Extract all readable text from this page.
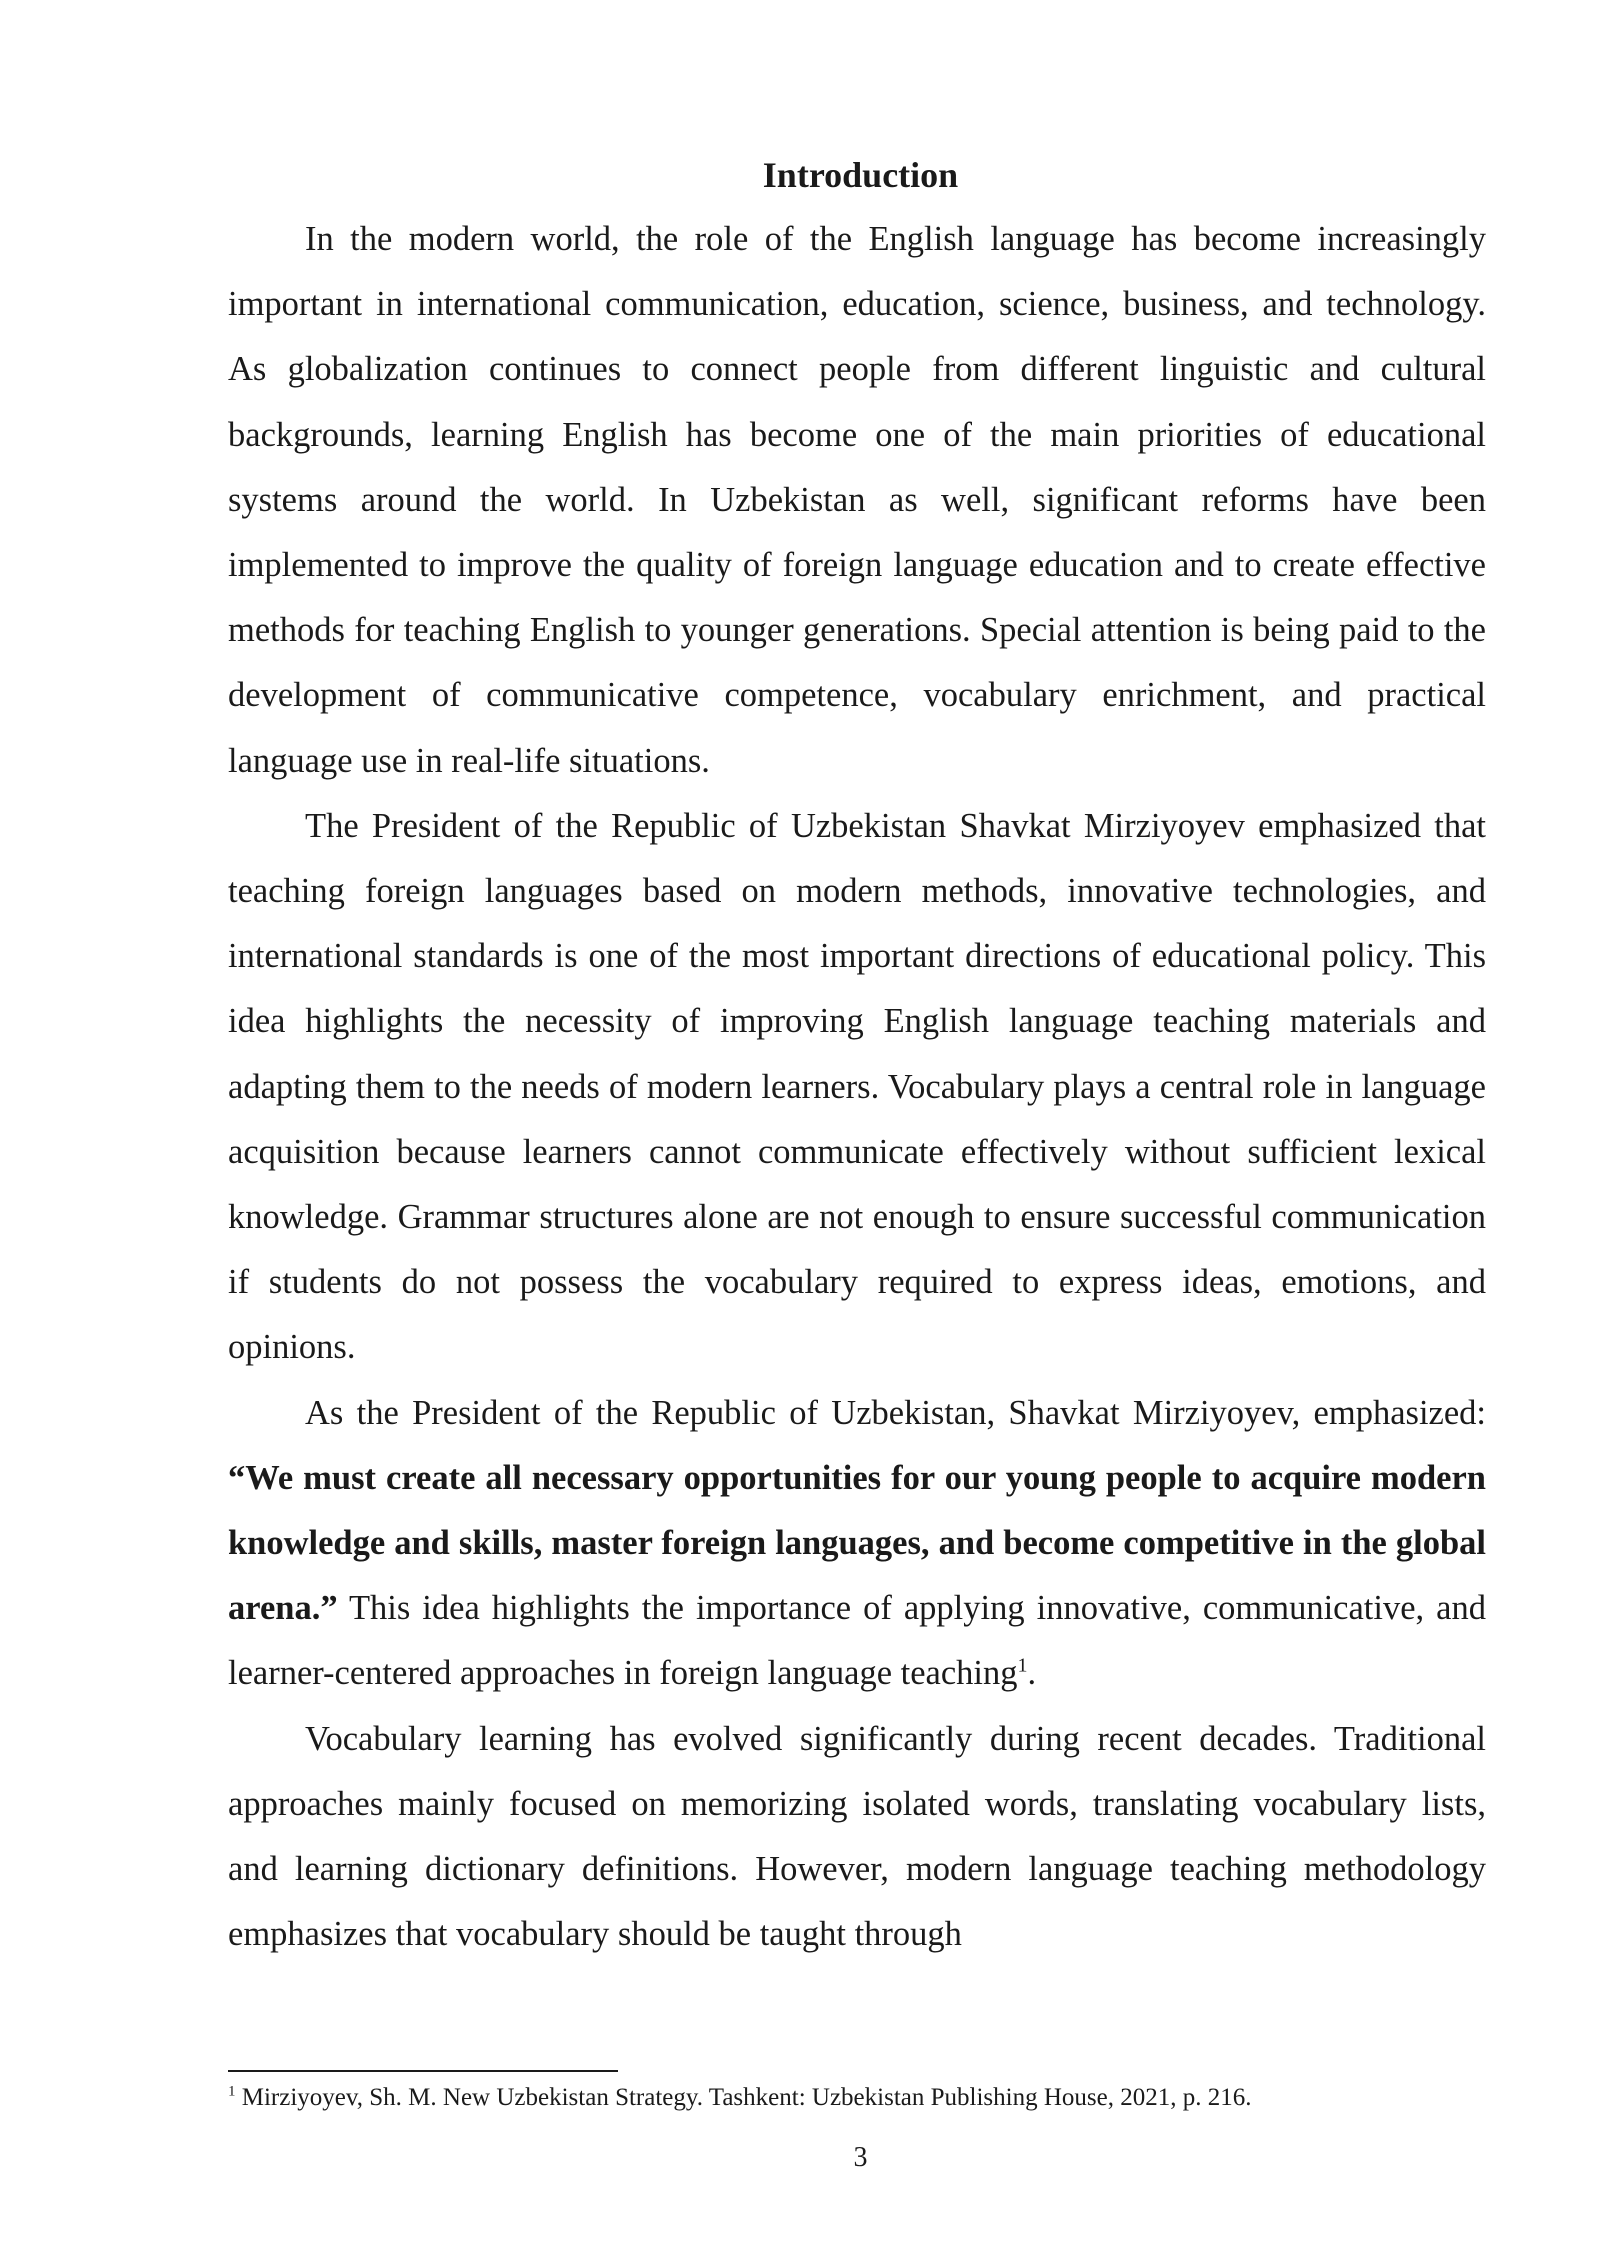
Introduction

In the modern world, the role of the English language has become increasingly important in international communication, education, science, business, and technology. As globalization continues to connect people from different linguistic and cultural backgrounds, learning English has become one of the main priorities of educational systems around the world. In Uzbekistan as well, significant reforms have been implemented to improve the quality of foreign language education and to create effective methods for teaching English to younger generations. Special attention is being paid to the development of communicative competence, vocabulary enrichment, and practical language use in real-life situations.

The President of the Republic of Uzbekistan Shavkat Mirziyoyev emphasized that teaching foreign languages based on modern methods, innovative technologies, and international standards is one of the most important directions of educational policy. This idea highlights the necessity of improving English language teaching materials and adapting them to the needs of modern learners. Vocabulary plays a central role in language acquisition because learners cannot communicate effectively without sufficient lexical knowledge. Grammar structures alone are not enough to ensure successful communication if students do not possess the vocabulary required to express ideas, emotions, and opinions.

As the President of the Republic of Uzbekistan, Shavkat Mirziyoyev, emphasized: “We must create all necessary opportunities for our young people to acquire modern knowledge and skills, master foreign languages, and become competitive in the global arena.” This idea highlights the importance of applying innovative, communicative, and learner-centered approaches in foreign language teaching$^1$.

Vocabulary learning has evolved significantly during recent decades. Traditional approaches mainly focused on memorizing isolated words, translating vocabulary lists, and learning dictionary definitions. However, modern language teaching methodology emphasizes that vocabulary should be taught through

$^1$ Mirziyoyev, Sh. M. New Uzbekistan Strategy. Tashkent: Uzbekistan Publishing House, 2021, p. 216.

3
